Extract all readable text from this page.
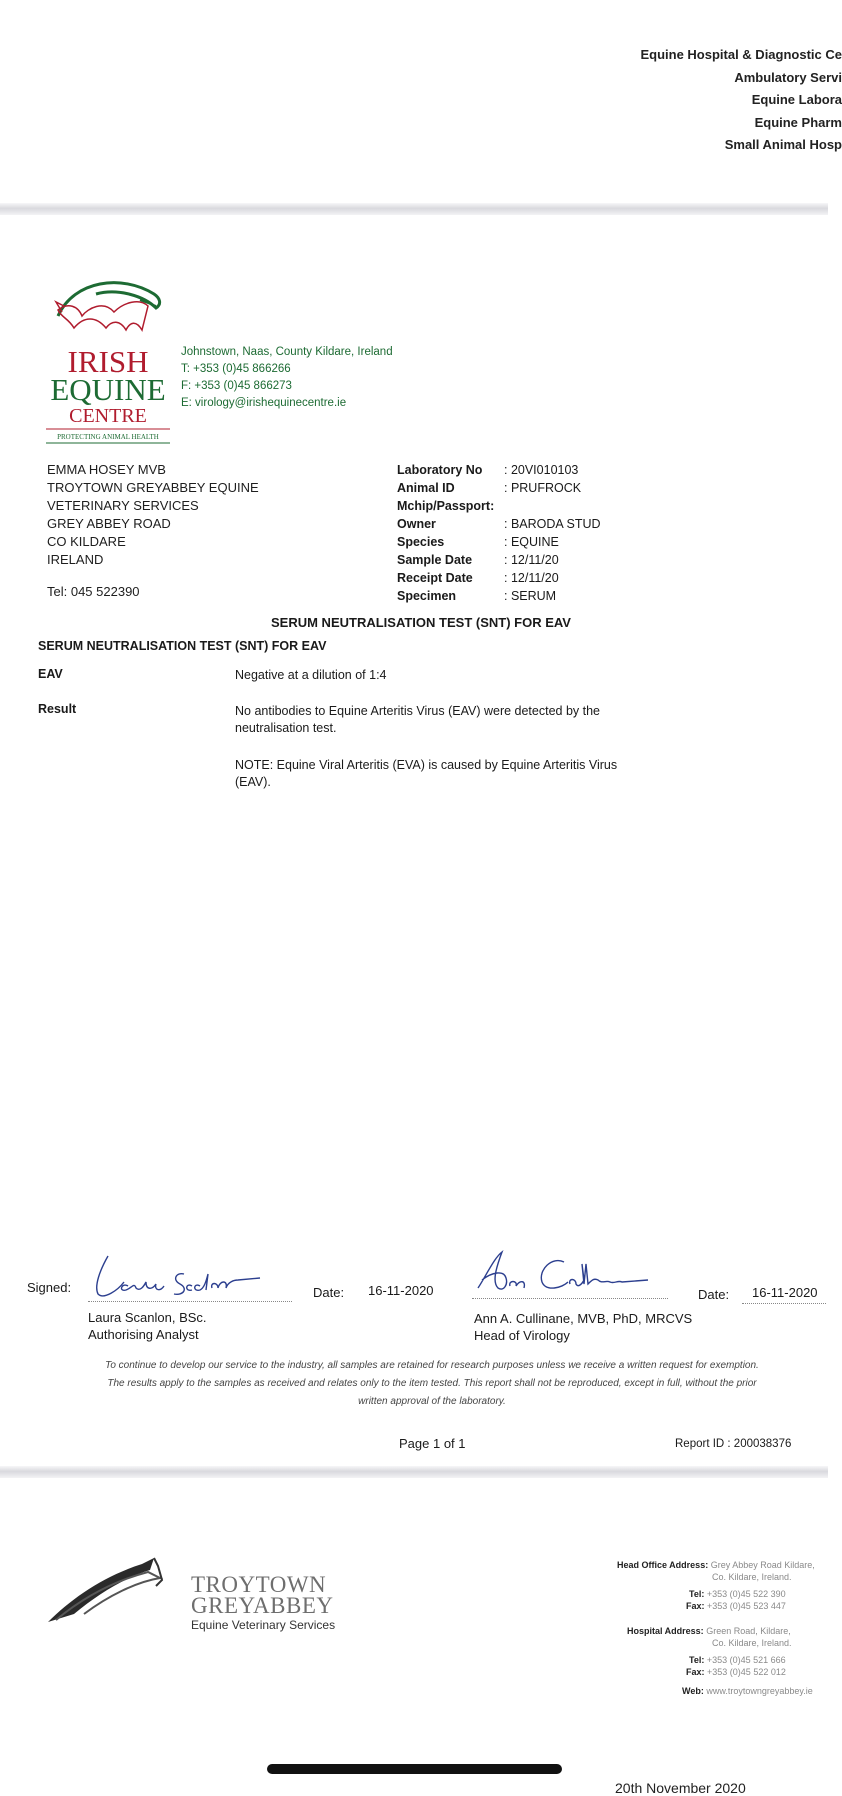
Equine Hospital & Diagnostic Ce
Ambulatory Servi
Equine Labora
Equine Pharm
Small Animal Hosp
IRISH
EQUINE
CENTRE
PROTECTING ANIMAL HEALTH
Johnstown, Naas, County Kildare, Ireland
T: +353 (0)45 866266
F: +353 (0)45 866273
E: virology@irishequinecentre.ie
EMMA HOSEY MVB
TROYTOWN GREYABBEY EQUINE
VETERINARY SERVICES
GREY ABBEY ROAD
CO KILDARE
IRELAND
Tel: 045 522390
Laboratory No	: 20VI010103
Animal ID	: PRUFROCK
Mchip/Passport:
Owner	: BARODA STUD
Species	: EQUINE
Sample Date	: 12/11/20
Receipt Date	: 12/11/20
Specimen	: SERUM
SERUM NEUTRALISATION TEST (SNT) FOR EAV
SERUM NEUTRALISATION TEST (SNT) FOR EAV
EAV	Negative at a dilution of 1:4
Result	No antibodies to Equine Arteritis Virus (EAV) were detected by the neutralisation test.
NOTE: Equine Viral Arteritis (EVA) is caused by Equine Arteritis Virus (EAV).
Signed:	Date: 16-11-2020
Laura Scanlon, BSc.
Authorising Analyst
Date: 16-11-2020
Ann A. Cullinane, MVB, PhD, MRCVS
Head of Virology
To continue to develop our service to the industry, all samples are retained for research purposes unless we receive a written request for exemption.
The results apply to the samples as received and relates only to the item tested. This report shall not be reproduced, except in full, without the prior
written approval of the laboratory.
Page 1 of 1	Report ID : 200038376
TROYTOWN
GREYABBEY
Equine Veterinary Services
Head Office Address: Grey Abbey Road Kildare,
Co. Kildare, Ireland.
Tel: +353 (0)45 522 390
Fax: +353 (0)45 523 447
Hospital Address: Green Road, Kildare,
Co. Kildare, Ireland.
Tel: +353 (0)45 521 666
Fax: +353 (0)45 522 012
Web: www.troytowngreyabbey.ie
20th November 2020
